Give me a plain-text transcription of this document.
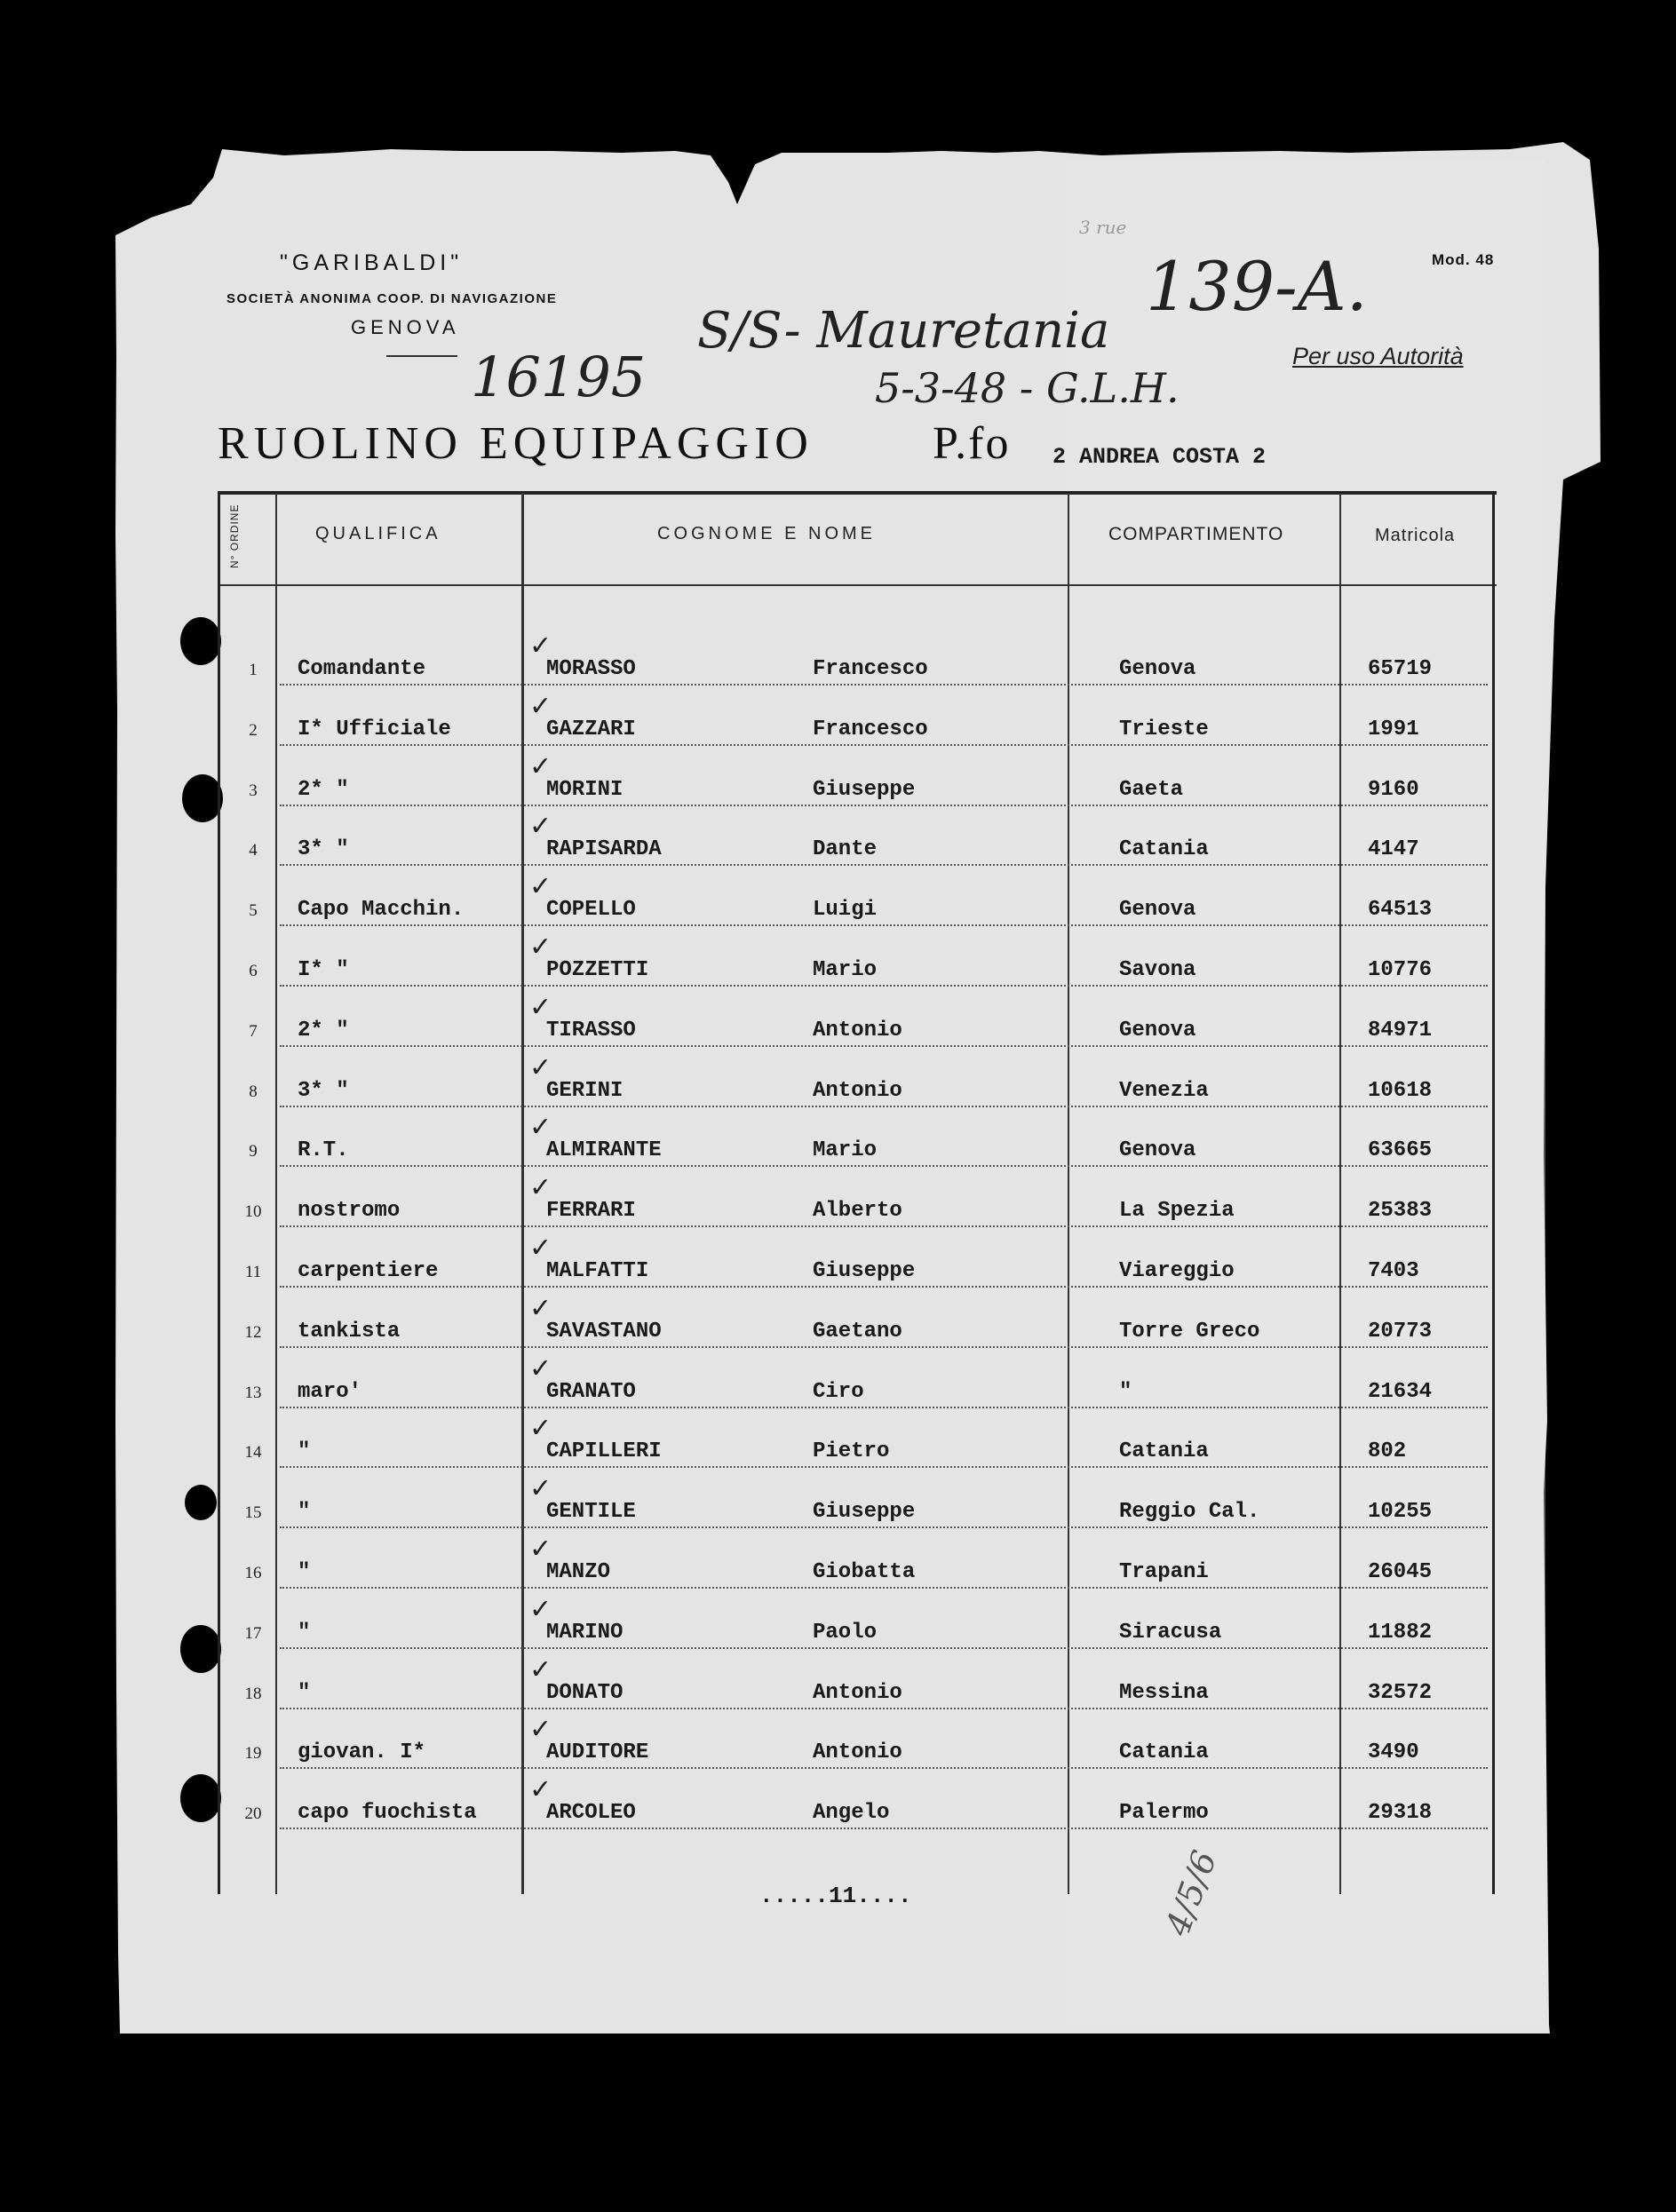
"GARIBALDI"
SOCIETÀ ANONIMA COOP. DI NAVIGAZIONE
GENOVA
Mod. 48
Per uso Autorità
139-A.
S/S- Mauretania
5-3-48 - G.L.H.
16195
3 rue
4/5/6
RUOLINO EQUIPAGGIO	P.fo 2 ANDREA COSTA 2
N° ORDINE	QUALIFICA	COGNOME E NOME	COMPARTIMENTO	Matricola
✓
1	Comandante	MORASSO	Francesco	Genova	65719
✓
2	I* Ufficiale	GAZZARI	Francesco	Trieste	1991
✓
3	2* "	MORINI	Giuseppe	Gaeta	9160
✓
4	3* "	RAPISARDA	Dante	Catania	4147
✓
5	Capo Macchin.	COPELLO	Luigi	Genova	64513
✓
6	I* "	POZZETTI	Mario	Savona	10776
✓
7	2* "	TIRASSO	Antonio	Genova	84971
✓
8	3* "	GERINI	Antonio	Venezia	10618
✓
9	R.T.	ALMIRANTE	Mario	Genova	63665
✓
10	nostromo	FERRARI	Alberto	La Spezia	25383
✓
11	carpentiere	MALFATTI	Giuseppe	Viareggio	7403
✓
12	tankista	SAVASTANO	Gaetano	Torre Greco	20773
✓
13	maro'	GRANATO	Ciro	"	21634
✓
14	"	CAPILLERI	Pietro	Catania	802
✓
15	"	GENTILE	Giuseppe	Reggio Cal.	10255
✓
16	"	MANZO	Giobatta	Trapani	26045
✓
17	"	MARINO	Paolo	Siracusa	11882
✓
18	"	DONATO	Antonio	Messina	32572
✓
19	giovan. I*	AUDITORE	Antonio	Catania	3490
✓
20	capo fuochista	ARCOLEO	Angelo	Palermo	29318
.....11....
